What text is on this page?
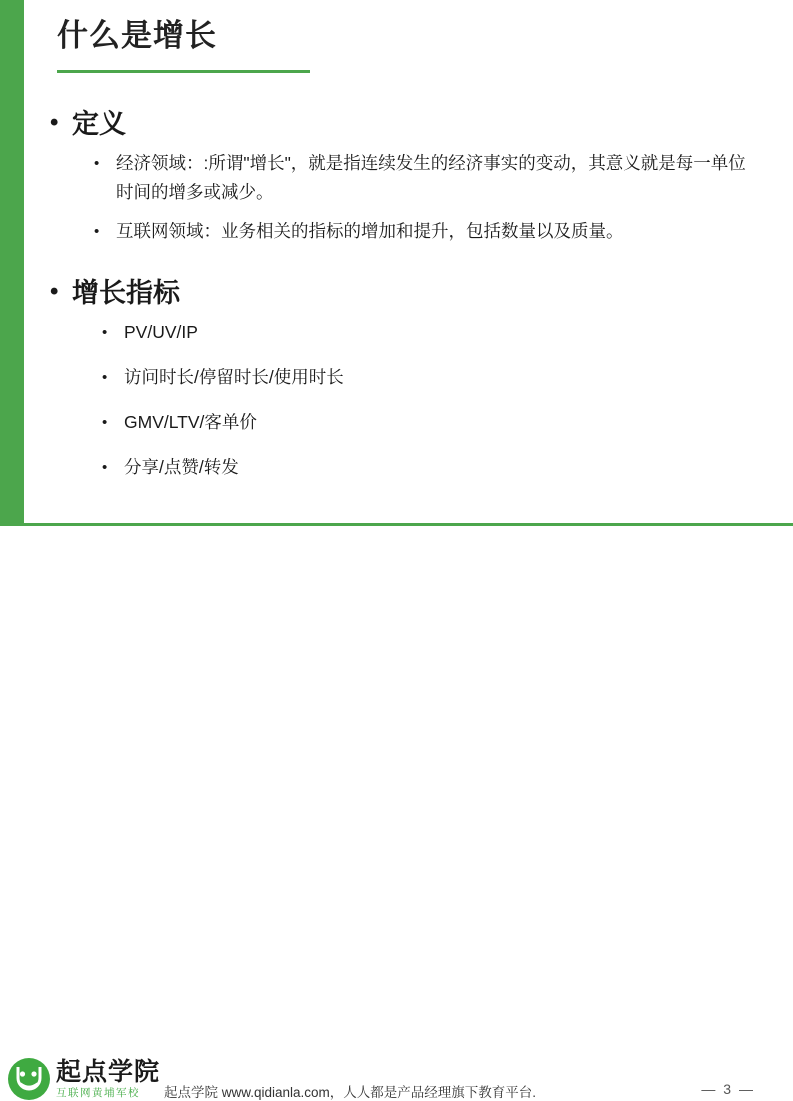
什么是增长
• 定义
• 经济领域：:所谓"增长"，就是指连续发生的经济事实的变动，其意义就是每一单位时间的增多或减少。
• 互联网领域：业务相关的指标的增加和提升，包括数量以及质量。
• 增长指标
• PV/UV/IP
• 访问时长/停留时长/使用时长
• GMV/LTV/客单价
• 分享/点赞/转发
起点学院
互联网黄埔军校	起点学院 www.qidianla.com，人人都是产品经理旗下教育平台.	— 3 —
